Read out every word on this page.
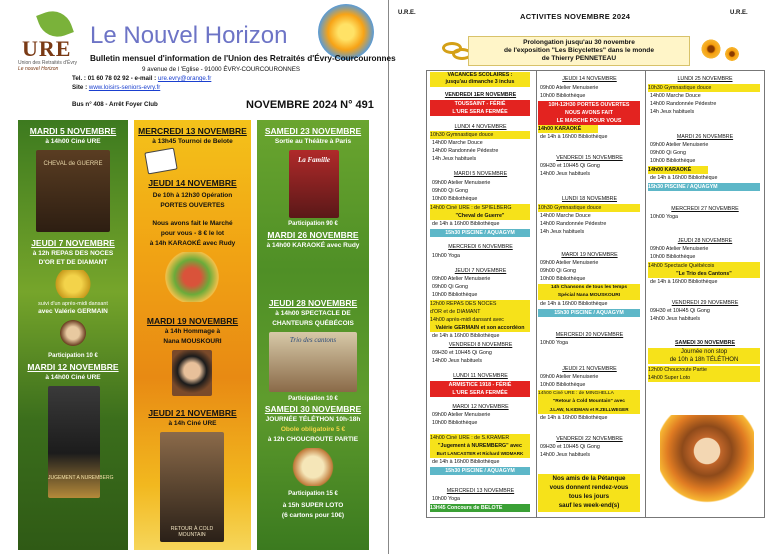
URE
Union des Retraités d'Évry
Le nouvel Horizon
Le Nouvel Horizon
Bulletin mensuel d'information de l'Union des Retraités d'Évry-Courcouronnes
9 avenue de l 'Eglise - 91000 ÉVRY-COURCOURONNES
Tel. : 01 60 78 02 92 - e-mail : ure.evry@orange.fr
Site : www.loisirs-seniors-evry.fr
Bus n° 408 - Arrêt Foyer Club	NOVEMBRE 2024 N° 491
MARDI 5 NOVEMBRE
à 14h00 Ciné URE
CHEVAL de GUERRE
JEUDI 7 NOVEMBRE
à 12h REPAS DES NOCES
D'OR ET DE DIAMANT
suivi d'un après-midi dansant
avec Valérie GERMAIN
Participation 10 €
MARDI 12 NOVEMBRE
à 14h00 Ciné URE
JUGEMENT A NUREMBERG
MERCREDI 13 NOVEMBRE
à 13h45 Tournoi de Belote
JEUDI 14 NOVEMBRE
De 10h à 12h30 Opération
PORTES OUVERTES
Nous avons fait le Marché
pour vous - 8 € le lot
à 14h KARAOKÉ avec Rudy
MARDI 19 NOVEMBRE
à 14h Hommage à
Nana MOUSKOURI
JEUDI 21 NOVEMBRE
à 14h Ciné URE
RETOUR À COLD MOUNTAIN
SAMEDI 23 NOVEMBRE
Sortie au Théâtre à Paris
La Famille
Participation 90 €
MARDI 26 NOVEMBRE
à 14h00 KARAOKÉ avec Rudy
JEUDI 28 NOVEMBRE
à 14h00 SPECTACLE DE
CHANTEURS QUÉBÉCOIS
Trio des cantons
Participation 10 €
SAMEDI 30 NOVEMBRE
JOURNÉE TÉLÉTHON 10h-18h
Obole obligatoire 5 €
à 12h CHOUCROUTE PARTIE
Participation 15 €
à 15h SUPER LOTO
(6 cartons pour 10€)
U.R.E.	U.R.E.
ACTIVITES NOVEMBRE 2024
Prolongation jusqu'au 30 novembre
de l'exposition "Les Bicyclettes" dans le monde
de Thierry PENNETEAU
VACANCES SCOLAIRES :
jusqu'au dimanche 3 inclus
VENDREDI 1ER NOVEMBRE
TOUSSAINT - FÉRIÉ
L'URE SERA FERMÉE
LUNDI 4 NOVEMBRE
10h30 Gymnastique douce
14h00 Marche Douce
14h00 Randonnée Pédestre
14h Jeux habituels
MARDI 5 NOVEMBRE
09h00 Atelier Menuiserie
09h00 Qi Gong
10h00 Bibliothèque
14h00 Ciné URE : de SPIELBERG
"Cheval de Guerre"
de 14h à 16h00 Bibliothèque
15h30 PISCINE / AQUAGYM
MERCREDI 6 NOVEMBRE
10h00 Yoga
JEUDI 7 NOVEMBRE
09h00 Atelier Menuiserie
09h00 Qi Gong
10h00 Bibliothèque
12h00 REPAS DES NOCES
d'OR et de DIAMANT
14h00 après-midi dansant avec
Valérie GERMAIN et son accordéon
de 14h à 16h00 Bibliothèque
VENDREDI 8 NOVEMBRE
09H30 et 10H45 Qi Gong
14h00 Jeux habituels
LUNDI 11 NOVEMBRE
ARMISTICE 1918 - FÉRIÉ
L'URE SERA FERMÉE
MARDI 12 NOVEMBRE
09h00 Atelier Menuiserie
10h00 Bibliothèque
14h00 Ciné URE : de S.KRAMER
"Jugement à NUREMBERG" avec
Burt LANCASTER et Richard WIDMARK
de 14h à 16h00 Bibliothèque
15h30 PISCINE / AQUAGYM
MERCREDI 13 NOVEMBRE
10h00 Yoga
13H45 Concours de BELOTE
JEUDI 14 NOVEMBRE
09h00 Atelier Menuiserie
10h00 Bibliothèque
10H-12H30 PORTES OUVERTES
NOUS AVONS FAIT
LE MARCHE POUR VOUS
14h00 KARAOKÉ
de 14h à 16h00 Bibliothèque
VENDREDI 15 NOVEMBRE
09H30 et 10H45 Qi Gong
14h00 Jeux habituels
LUNDI 18 NOVEMBRE
10h30 Gymnastique douce
14h00 Marche Douce
14h00 Randonnée Pédestre
14h Jeux habituels
MARDI 19 NOVEMBRE
09h00 Atelier Menuiserie
09h00 Qi Gong
10h00 Bibliothèque
14h Chansons de tous les temps
Spécial Nana MOUSKOURI
de 14h à 16h00 Bibliothèque
15h30 PISCINE / AQUAGYM
MERCREDI 20 NOVEMBRE
10h00 Yoga
JEUDI 21 NOVEMBRE
09h00 Atelier Menuiserie
10h00 Bibliothèque
14h00 Ciné URE : de MINGHELLA
"Retour à Cold Mountain" avec
J.LAW, N.KIDMAN et R.ZELLWEGER
de 14h à 16h00 Bibliothèque
VENDREDI 22 NOVEMBRE
09H30 et 10H45 Qi Gong
14h00 Jeux habituels
Nos amis de la Pétanque
vous donnent rendez-vous
tous les jours
sauf les week-end(s)
LUNDI 25 NOVEMBRE
10h30 Gymnastique douce
14h00 Marche Douce
14h00 Randonnée Pédestre
14h Jeux habituels
MARDI 26 NOVEMBRE
09h00 Atelier Menuiserie
09h00 Qi Gong
10h00 Bibliothèque
14h00 KARAOKÉ
de 14h à 16h00 Bibliothèque
15h30 PISCINE / AQUAGYM
MERCREDI 27 NOVEMBRE
10h00 Yoga
JEUDI 28 NOVEMBRE
09h00 Atelier Menuiserie
10h00 Bibliothèque
14h00 Spectacle Québécois
"Le Trio des Cantons"
de 14h à 16h00 Bibliothèque
VENDREDI 29 NOVEMBRE
09H30 et 10H45 Qi Gong
14h00 Jeux habituels
SAMEDI 30 NOVEMBRE
Journée non stop
de 10h à 18h TÉLÉTHON
12h00 Choucroute Partie
14h00 Super Loto
